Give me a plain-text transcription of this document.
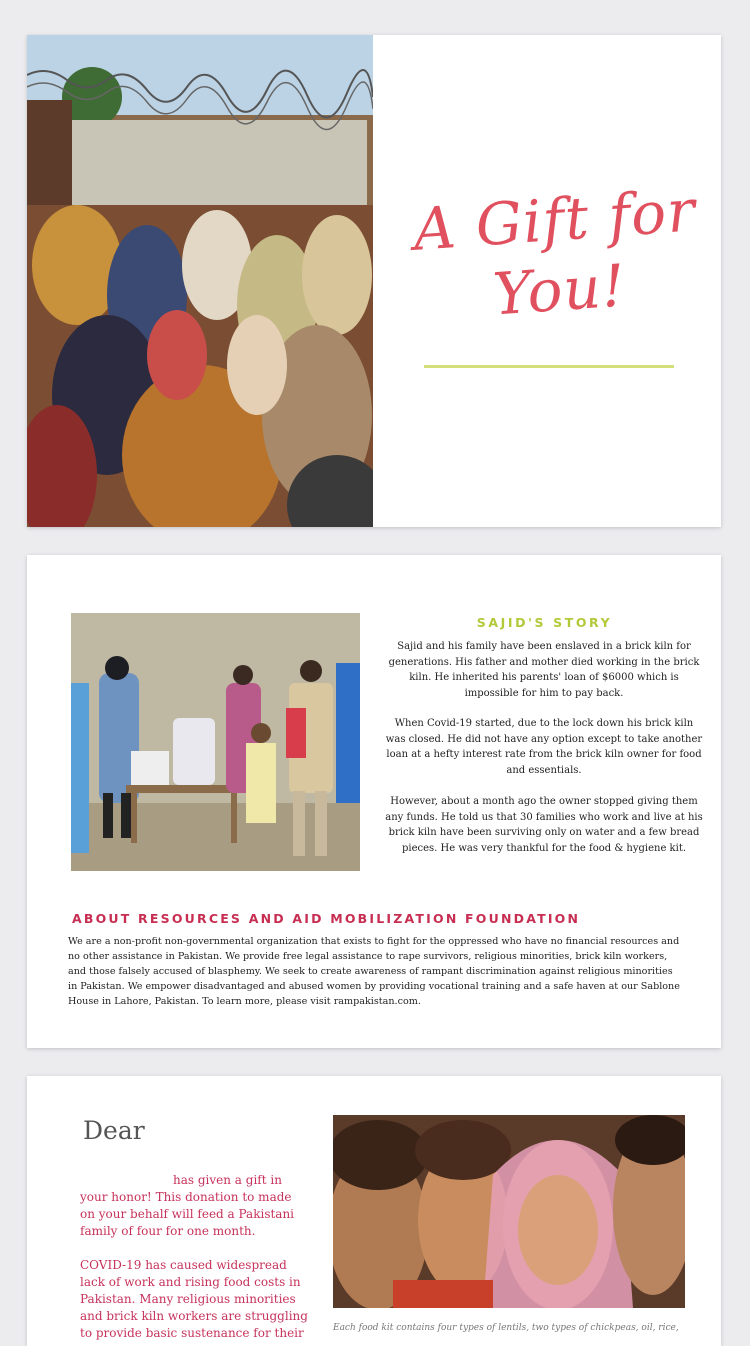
A Gift for You!
SAJID'S STORY

Sajid and his family have been enslaved in a brick kiln for generations. His father and mother died working in the brick kiln. He inherited his parents' loan of $6000 which is impossible for him to pay back.

When Covid-19 started, due to the lock down his brick kiln was closed. He did not have any option except to take another loan at a hefty interest rate from the brick kiln owner for food and essentials.

However, about a month ago the owner stopped giving them any funds. He told us that 30 families who work and live at his brick kiln have been surviving only on water and a few bread pieces. He was very thankful for the food & hygiene kit.

ABOUT RESOURCES AND AID MOBILIZATION FOUNDATION

We are a non-profit non-governmental organization that exists to fight for the oppressed who have no financial resources and no other assistance in Pakistan. We provide free legal assistance to rape survivors, religious minorities, brick kiln workers, and those falsely accused of blasphemy. We seek to create awareness of rampant discrimination against religious minorities in Pakistan. We empower disadvantaged and abused women by providing vocational training and a safe haven at our Sablone House in Lahore, Pakistan. To learn more, please visit rampakistan.com.

Dear

has given a gift in your honor! This donation to made on your behalf will feed a Pakistani family of four for one month.

COVID-19 has caused widespread lack of work and rising food costs in Pakistan. Many religious minorities and brick kiln workers are struggling to provide basic sustenance for their	Each food kit contains four types of lentils, two types of chickpeas, oil, rice,
